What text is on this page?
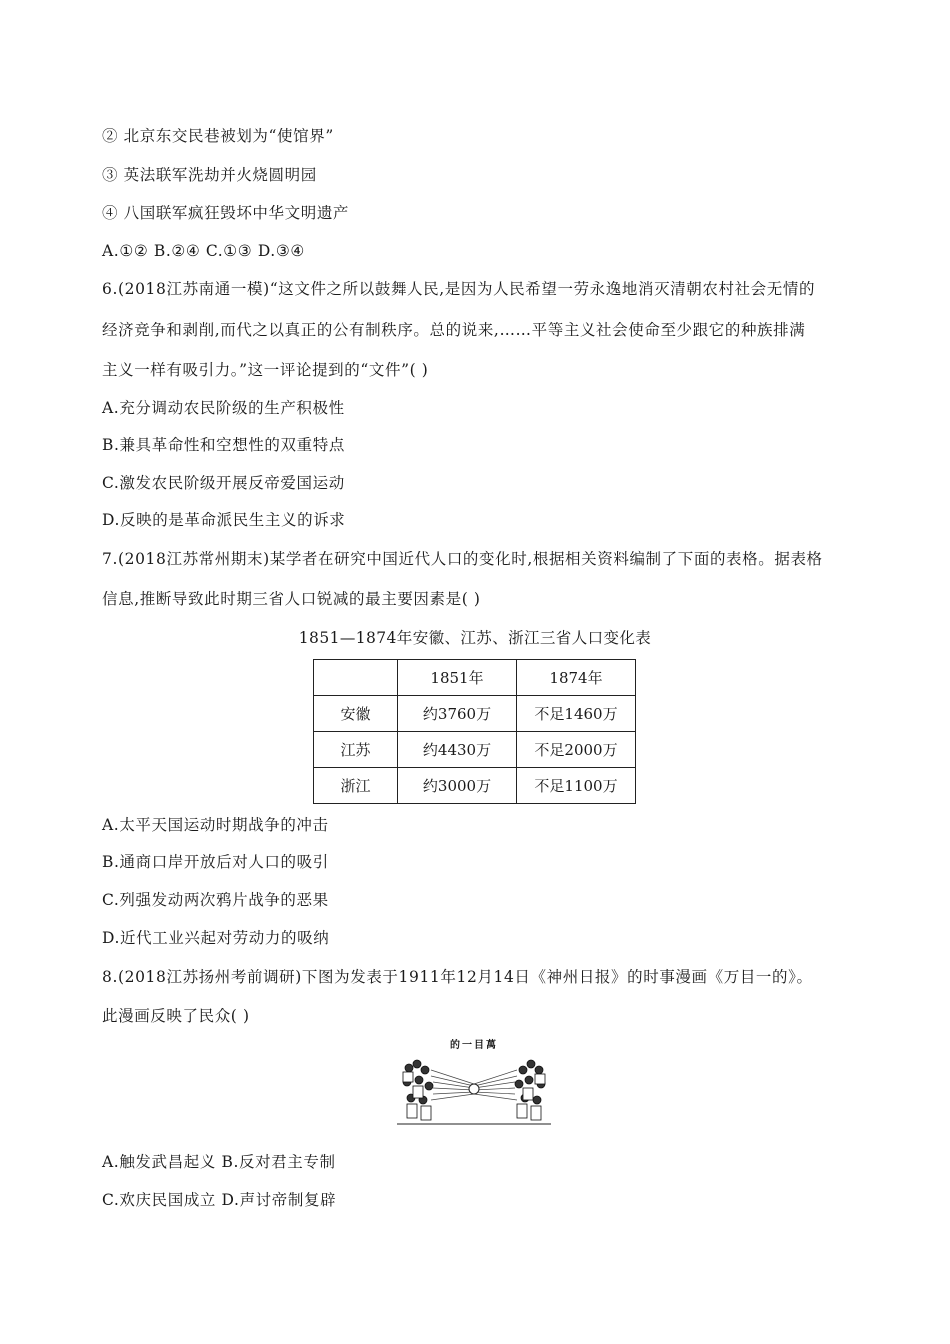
② 北京东交民巷被划为“使馆界”
③ 英法联军洗劫并火烧圆明园
④ 八国联军疯狂毁坏中华文明遗产
A.①② B.②④ C.①③ D.③④
6.(2018江苏南通一模)“这文件之所以鼓舞人民,是因为人民希望一劳永逸地消灭清朝农村社会无情的
经济竞争和剥削,而代之以真正的公有制秩序。总的说来,……平等主义社会使命至少跟它的种族排满
主义一样有吸引力。”这一评论提到的“文件”( )
A.充分调动农民阶级的生产积极性
B.兼具革命性和空想性的双重特点
C.激发农民阶级开展反帝爱国运动
D.反映的是革命派民生主义的诉求
7.(2018江苏常州期末)某学者在研究中国近代人口的变化时,根据相关资料编制了下面的表格。据表格
信息,推断导致此时期三省人口锐减的最主要因素是( )
1851—1874年安徽、江苏、浙江三省人口变化表
	1851年	1874年
安徽	约3760万	不足1460万
江苏	约4430万	不足2000万
浙江	约3000万	不足1100万
A.太平天国运动时期战争的冲击
B.通商口岸开放后对人口的吸引
C.列强发动两次鸦片战争的恶果
D.近代工业兴起对劳动力的吸纳
8.(2018江苏扬州考前调研)下图为发表于1911年12月14日《神州日报》的时事漫画《万目一的》。
此漫画反映了民众( )
的一目萬
A.触发武昌起义 B.反对君主专制
C.欢庆民国成立 D.声讨帝制复辟
